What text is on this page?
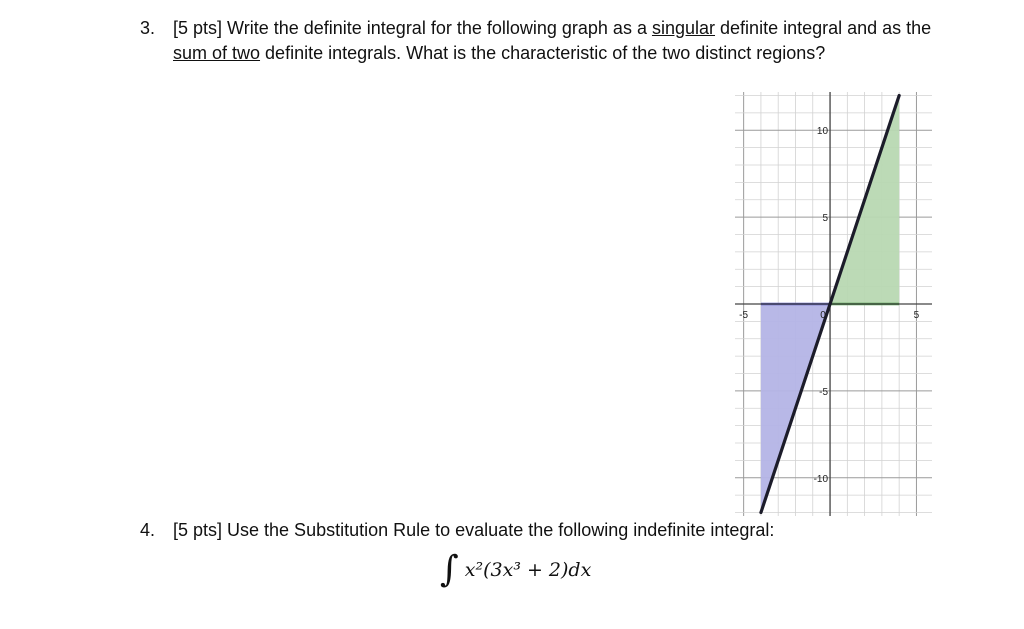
3. [5 pts] Write the definite integral for the following graph as a singular definite integral and as the sum of two definite integrals. What is the characteristic of the two distinct regions?
-5	0	5
10
5
-5
-10
4. [5 pts] Use the Substitution Rule to evaluate the following indefinite integral:
∫ x²(3x³ + 2)dx
